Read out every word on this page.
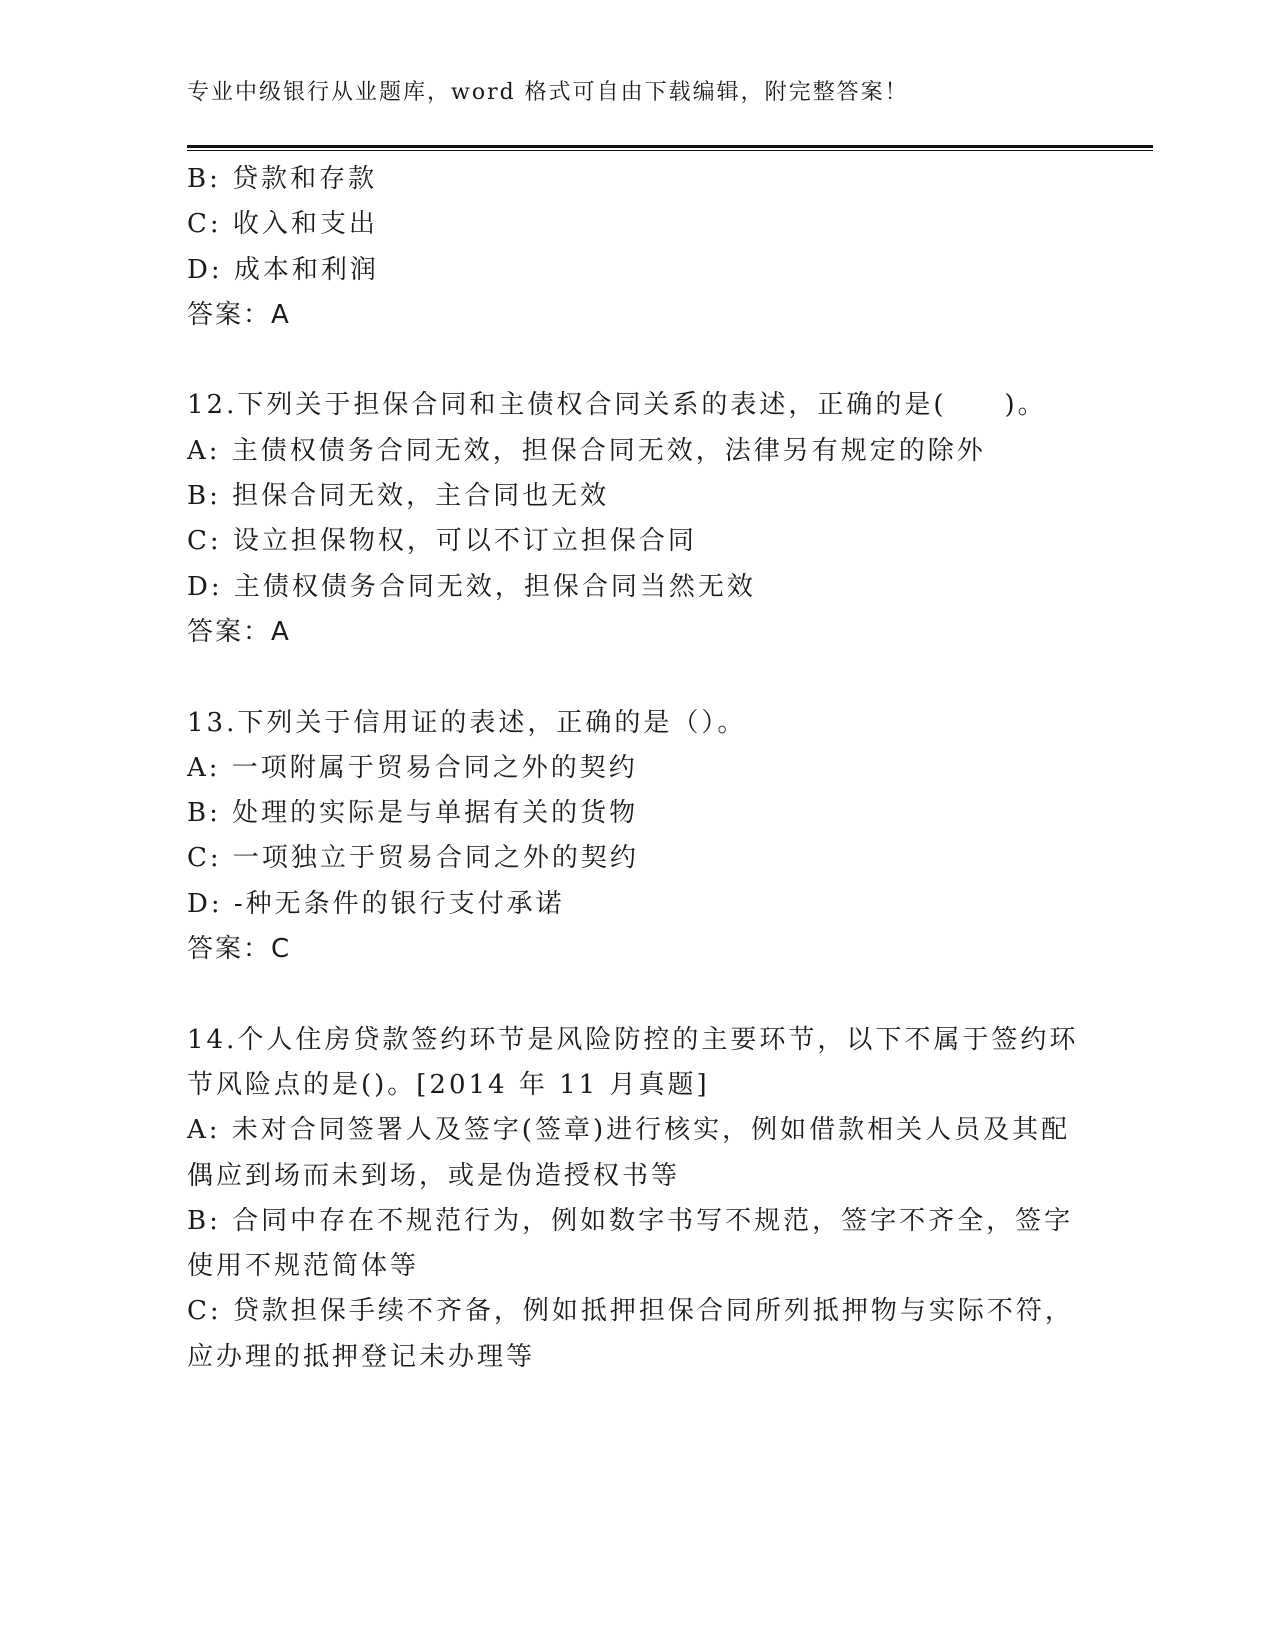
专业中级银行从业题库，word 格式可自由下载编辑，附完整答案！
B: 贷款和存款
C: 收入和支出
D: 成本和利润
答案：A
12.下列关于担保合同和主债权合同关系的表述，正确的是(　　)。
A: 主债权债务合同无效，担保合同无效，法律另有规定的除外
B: 担保合同无效，主合同也无效
C: 设立担保物权，可以不订立担保合同
D: 主债权债务合同无效，担保合同当然无效
答案：A
13.下列关于信用证的表述，正确的是（）。
A: 一项附属于贸易合同之外的契约
B: 处理的实际是与单据有关的货物
C: 一项独立于贸易合同之外的契约
D: -种无条件的银行支付承诺
答案：C
14.个人住房贷款签约环节是风险防控的主要环节，以下不属于签约环
节风险点的是()。[2014 年 11 月真题]
A: 未对合同签署人及签字(签章)进行核实，例如借款相关人员及其配
偶应到场而未到场，或是伪造授权书等
B: 合同中存在不规范行为，例如数字书写不规范，签字不齐全，签字
使用不规范简体等
C: 贷款担保手续不齐备，例如抵押担保合同所列抵押物与实际不符，
应办理的抵押登记未办理等
